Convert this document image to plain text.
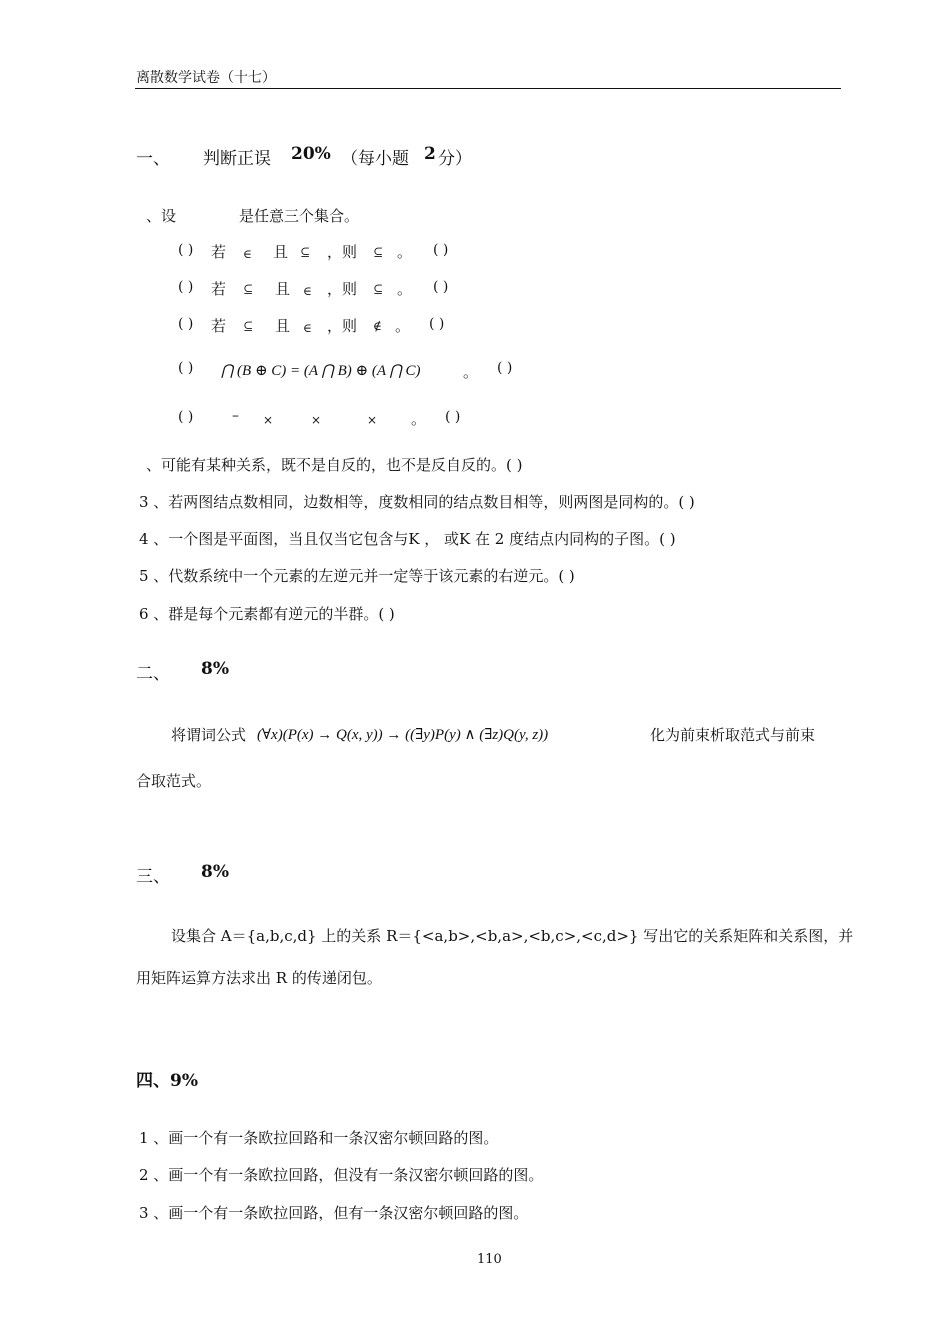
离散数学试卷（十七）
一、 判断正误 20% （每小题 2 分）
、设	是任意三个集合。
( ) 若 ∈ 且 ⊆ ，则 ⊆ 。 ( )
( ) 若 ⊆ 且 ∈ ，则 ⊆ 。 ( )
( ) 若 ⊆ 且 ∈ ，则 ∉ 。 ( )
( ) ⋂ (B ⊕ C) = (A ⋂ B) ⊕ (A ⋂ C)	。 ( )
( )	– ×	×	× 。 ( )
、可能有某种关系，既不是自反的，也不是反自反的。( )
3 、若两图结点数相同，边数相等，度数相同的结点数目相等，则两图是同构的。( )
4 、一个图是平面图，当且仅当它包含与K ， 或K 在 2 度结点内同构的子图。( )
5 、代数系统中一个元素的左逆元并一定等于该元素的右逆元。( )
6 、群是每个元素都有逆元的半群。( )
二、 8%
将谓词公式 (∀x)(P(x) → Q(x, y)) → ((∃y)P(y) ∧ (∃z)Q(y, z))	化为前束析取范式与前束
合取范式。
三、 8%
设集合 A＝{a,b,c,d} 上的关系 R＝{<a,b>,<b,a>,<b,c>,<c,d>} 写出它的关系矩阵和关系图，并
用矩阵运算方法求出 R 的传递闭包。
四、9%
1 、画一个有一条欧拉回路和一条汉密尔顿回路的图。
2 、画一个有一条欧拉回路，但没有一条汉密尔顿回路的图。
3 、画一个有一条欧拉回路，但有一条汉密尔顿回路的图。
110
